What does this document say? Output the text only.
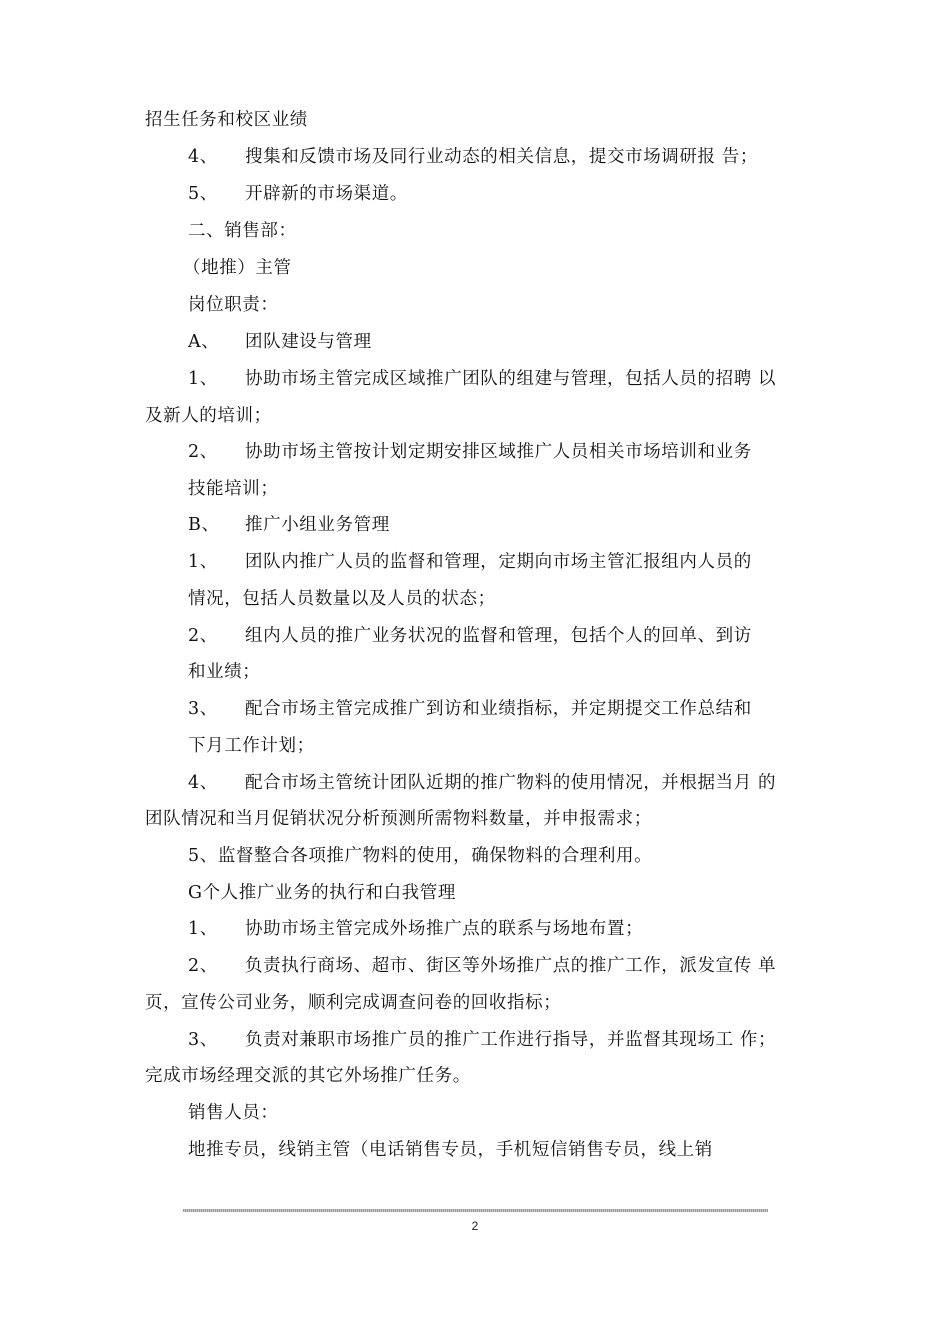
招生任务和校区业绩
4、 搜集和反馈市场及同行业动态的相关信息，提交市场调研报 告；
5、 开辟新的市场渠道。
二、销售部：
（地推）主管
岗位职责：
A、 团队建设与管理
1、 协助市场主管完成区域推广团队的组建与管理，包括人员的招聘 以
及新人的培训；
2、 协助市场主管按计划定期安排区域推广人员相关市场培训和业务
技能培训；
B、 推广小组业务管理
1、 团队内推广人员的监督和管理，定期向市场主管汇报组内人员的
情况，包括人员数量以及人员的状态；
2、 组内人员的推广业务状况的监督和管理，包括个人的回单、到访
和业绩；
3、 配合市场主管完成推广到访和业绩指标，并定期提交工作总结和
下月工作计划；
4、 配合市场主管统计团队近期的推广物料的使用情况，并根据当月 的
团队情况和当月促销状况分析预测所需物料数量，并申报需求；
5、监督整合各项推广物料的使用，确保物料的合理利用。
G个人推广业务的执行和白我管理
1、 协助市场主管完成外场推广点的联系与场地布置；
2、 负责执行商场、超市、街区等外场推广点的推广工作，派发宣传 单
页，宣传公司业务，顺利完成调查问卷的回收指标；
3、 负责对兼职市场推广员的推广工作进行指导，并监督其现场工 作；
完成市场经理交派的其它外场推广任务。
销售人员：
地推专员，线销主管（电话销售专员，手机短信销售专员，线上销
2
